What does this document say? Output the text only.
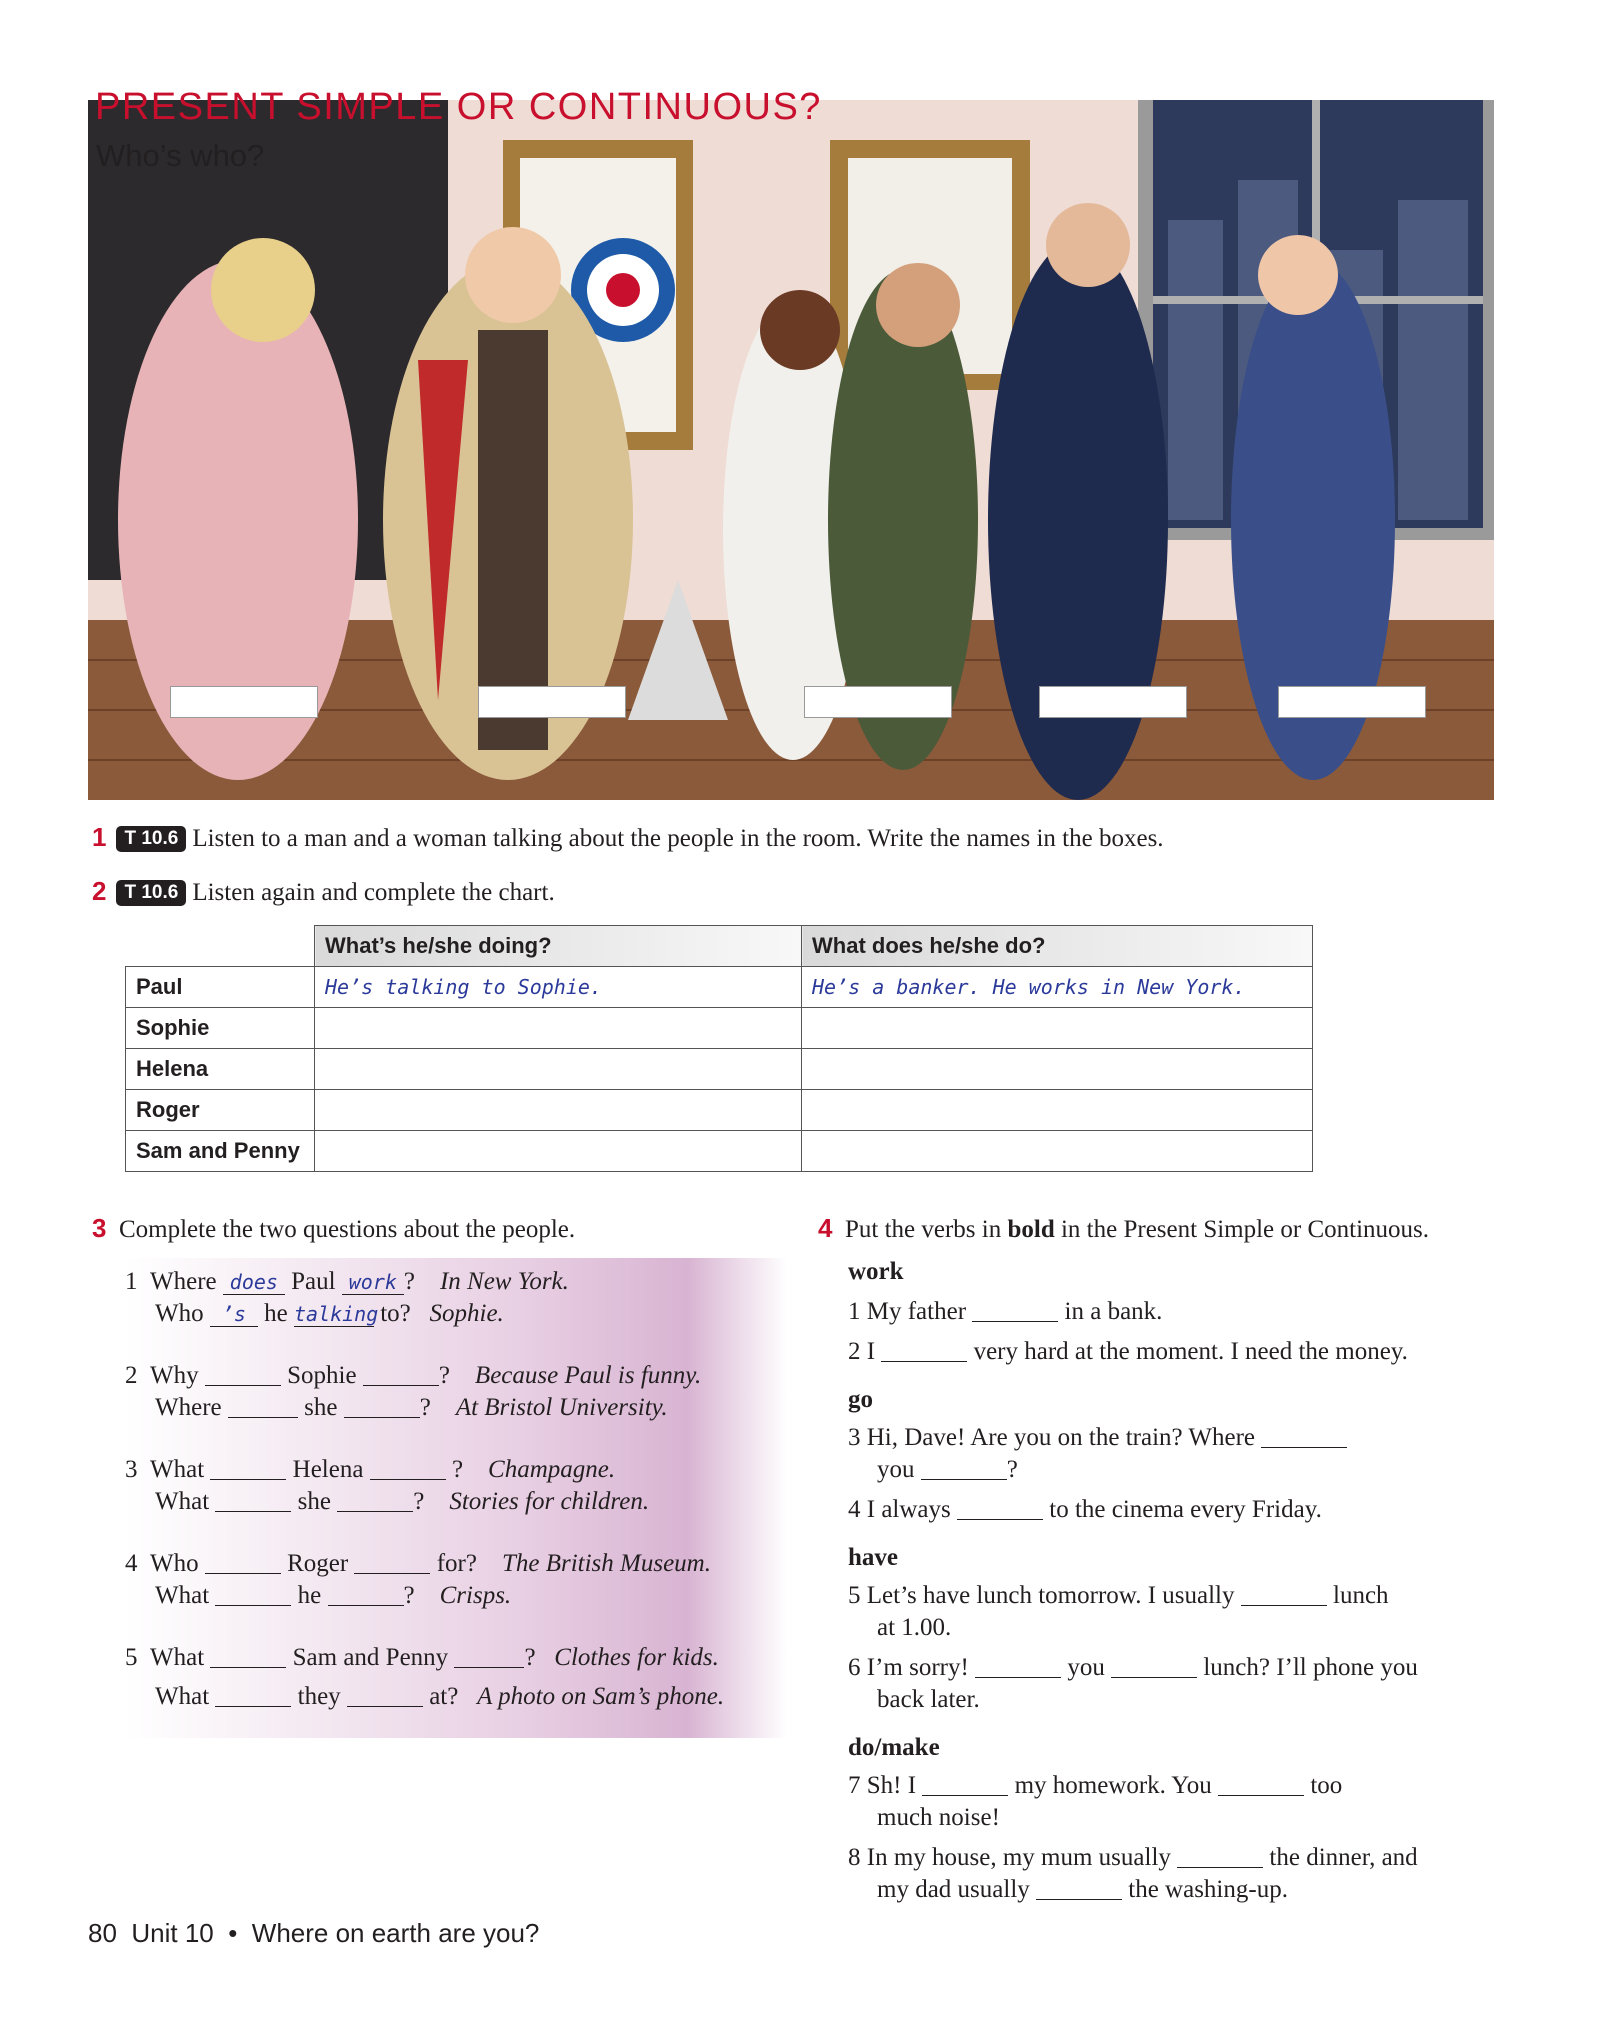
PRESENT SIMPLE OR CONTINUOUS?
Who’s who?
1 T 10.6 Listen to a man and a woman talking about the people in the room. Write the names in the boxes.
2 T 10.6 Listen again and complete the chart.
	What’s he/she doing?	What does he/she do?
Paul	He’s talking to Sophie.	He’s a banker. He works in New York.
Sophie		
Helena		
Roger		
Sam and Penny		
3 Complete the two questions about the people.
1 Where does Paul work ? In New York.
Who ’s he talking to? Sophie.
2 Why	Sophie	? Because Paul is funny.
Where	she	? At Bristol University.
3 What	Helena	? Champagne.
What	she	? Stories for children.
4 Who	Roger	for? The British Museum.
What	he	? Crisps.
5 What	Sam and Penny	? Clothes for kids.
What	they	at? A photo on Sam’s phone.
4 Put the verbs in bold in the Present Simple or Continuous.
work
1 My father	in a bank.
2 I	very hard at the moment. I need the money.
go
3 Hi, Dave! Are you on the train? Where
you	?
4 I always	to the cinema every Friday.
have
5 Let’s have lunch tomorrow. I usually	lunch
at 1.00.
6 I’m sorry!	you	lunch? I’ll phone you
back later.
do/make
7 Sh! I	my homework. You	too
much noise!
8 In my house, my mum usually	the dinner, and
my dad usually	the washing-up.
80 Unit 10 • Where on earth are you?
